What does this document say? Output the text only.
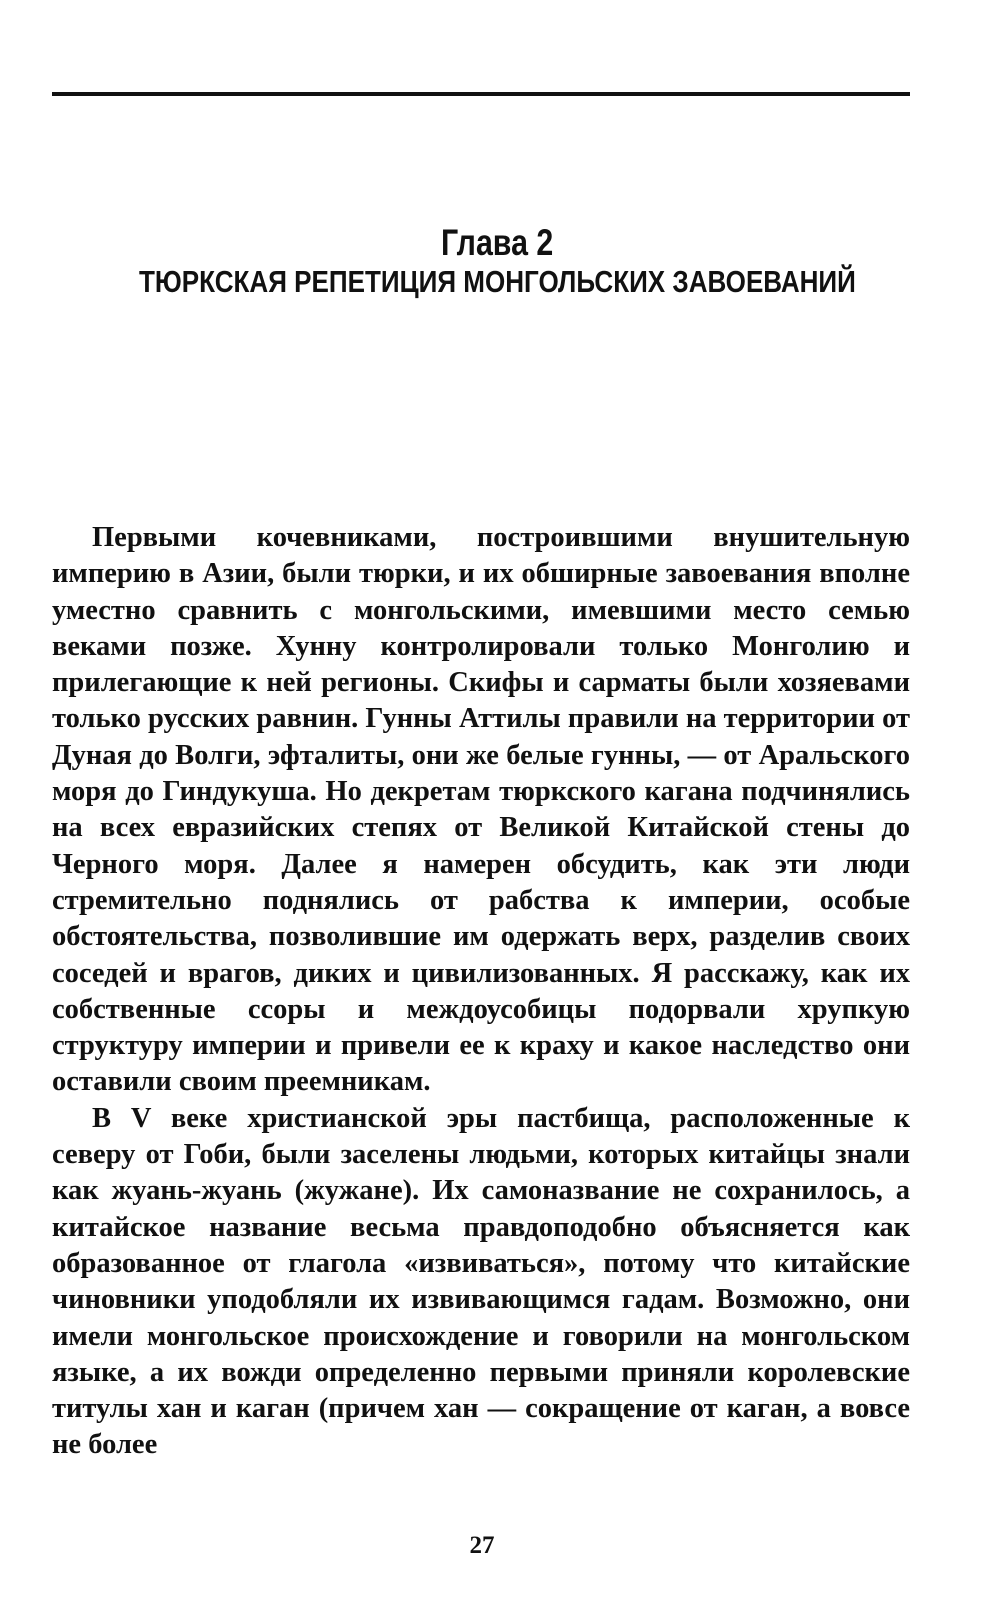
Глава 2
ТЮРКСКАЯ РЕПЕТИЦИЯ МОНГОЛЬСКИХ ЗАВОЕВАНИЙ

Первыми кочевниками, построившими внушительную империю в Азии, были тюрки, и их обширные завоевания вполне уместно сравнить с монгольскими, имевшими место семью веками позже. Хунну контролировали только Монголию и прилегающие к ней регионы. Скифы и сарматы были хозяевами только русских равнин. Гунны Аттилы правили на территории от Дуная до Волги, эфталиты, они же белые гунны, — от Аральского моря до Гиндукуша. Но декретам тюркского кагана подчинялись на всех евразийских степях от Великой Китайской стены до Черного моря. Далее я намерен обсудить, как эти люди стремительно поднялись от рабства к империи, особые обстоятельства, позволившие им одержать верх, разделив своих соседей и врагов, диких и цивилизованных. Я расскажу, как их собственные ссоры и междоусобицы подорвали хрупкую структуру империи и привели ее к краху и какое наследство они оставили своим преемникам.

В V веке христианской эры пастбища, расположенные к северу от Гоби, были заселены людьми, которых китайцы знали как жуань-жуань (жужане). Их самоназвание не сохранилось, а китайское название весьма правдоподобно объясняется как образованное от глагола «извиваться», потому что китайские чиновники уподобляли их извивающимся гадам. Возможно, они имели монгольское происхождение и говорили на монгольском языке, а их вожди определенно первыми приняли королевские титулы хан и каган (причем хан — сокращение от каган, а вовсе не более

27
